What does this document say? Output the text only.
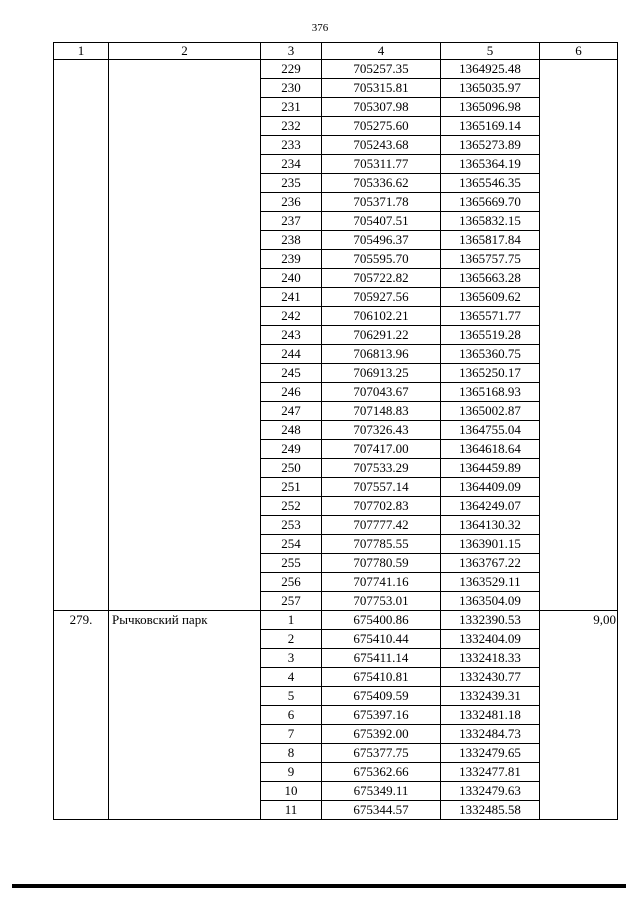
376
1	2	3	4	5	6
		229	705257.35	1364925.48	
		230	705315.81	1365035.97	
		231	705307.98	1365096.98	
		232	705275.60	1365169.14	
		233	705243.68	1365273.89	
		234	705311.77	1365364.19	
		235	705336.62	1365546.35	
		236	705371.78	1365669.70	
		237	705407.51	1365832.15	
		238	705496.37	1365817.84	
		239	705595.70	1365757.75	
		240	705722.82	1365663.28	
		241	705927.56	1365609.62	
		242	706102.21	1365571.77	
		243	706291.22	1365519.28	
		244	706813.96	1365360.75	
		245	706913.25	1365250.17	
		246	707043.67	1365168.93	
		247	707148.83	1365002.87	
		248	707326.43	1364755.04	
		249	707417.00	1364618.64	
		250	707533.29	1364459.89	
		251	707557.14	1364409.09	
		252	707702.83	1364249.07	
		253	707777.42	1364130.32	
		254	707785.55	1363901.15	
		255	707780.59	1363767.22	
		256	707741.16	1363529.11	
		257	707753.01	1363504.09	
279.	Рычковский парк	1	675400.86	1332390.53	9,00
		2	675410.44	1332404.09	
		3	675411.14	1332418.33	
		4	675410.81	1332430.77	
		5	675409.59	1332439.31	
		6	675397.16	1332481.18	
		7	675392.00	1332484.73	
		8	675377.75	1332479.65	
		9	675362.66	1332477.81	
		10	675349.11	1332479.63	
		11	675344.57	1332485.58	
